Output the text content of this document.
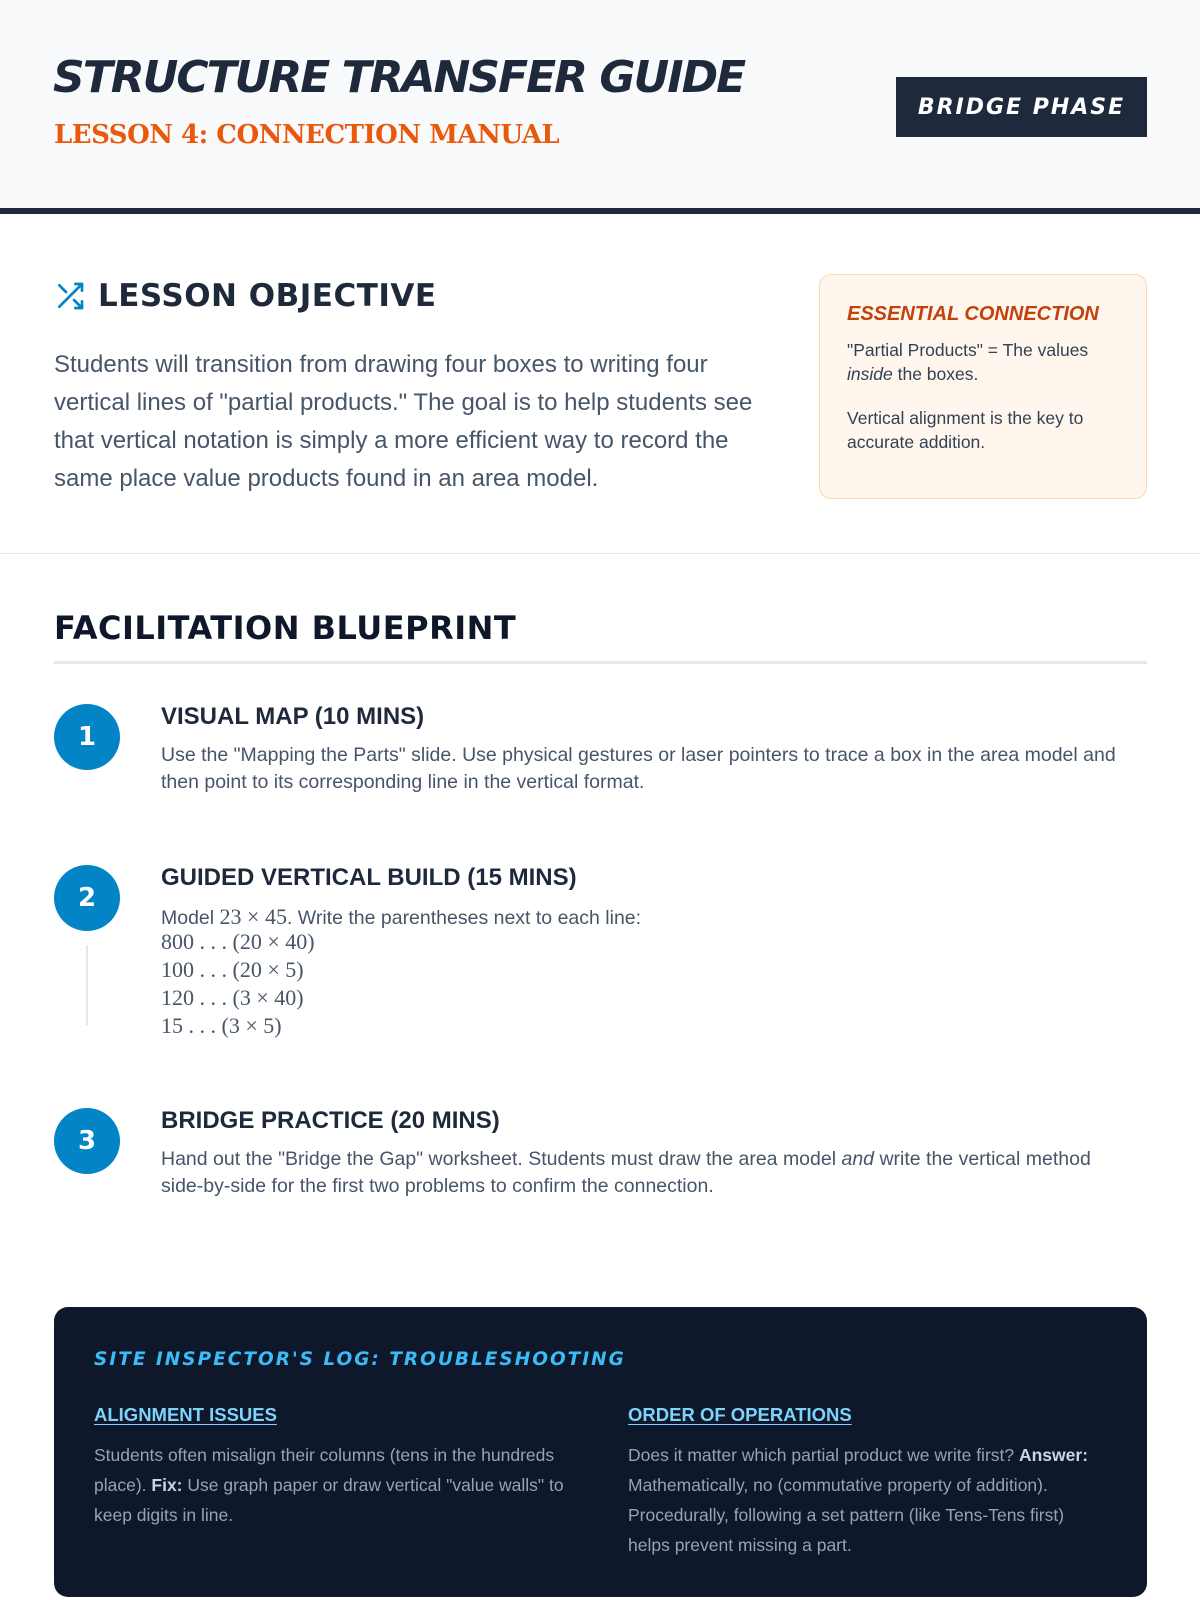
STRUCTURE TRANSFER GUIDE
LESSON 4: CONNECTION MANUAL
BRIDGE PHASE
LESSON OBJECTIVE

Students will transition from drawing four boxes to writing four vertical lines of "partial products." The goal is to help students see that vertical notation is simply a more efficient way to record the same place value products found in an area model.

ESSENTIAL CONNECTION

"Partial Products" = The values inside the boxes.

Vertical alignment is the key to accurate addition.

FACILITATION BLUEPRINT
1
VISUAL MAP (10 MINS)

Use the "Mapping the Parts" slide. Use physical gestures or laser pointers to trace a box in the area model and then point to its corresponding line in the vertical format.

2
GUIDED VERTICAL BUILD (15 MINS)

Model 23 × 45. Write the parentheses next to each line:

800 . . . (20 × 40)

100 . . . (20 × 5)

120 . . . (3 × 40)

15 . . . (3 × 5)

3
BRIDGE PRACTICE (20 MINS)

Hand out the "Bridge the Gap" worksheet. Students must draw the area model and write the vertical method side-by-side for the first two problems to confirm the connection.

SITE INSPECTOR'S LOG: TROUBLESHOOTING
ALIGNMENT ISSUES

Students often misalign their columns (tens in the hundreds place). Fix: Use graph paper or draw vertical "value walls" to keep digits in line.

ORDER OF OPERATIONS

Does it matter which partial product we write first? Answer: Mathematically, no (commutative property of addition). Procedurally, following a set pattern (like Tens-Tens first) helps prevent missing a part.
